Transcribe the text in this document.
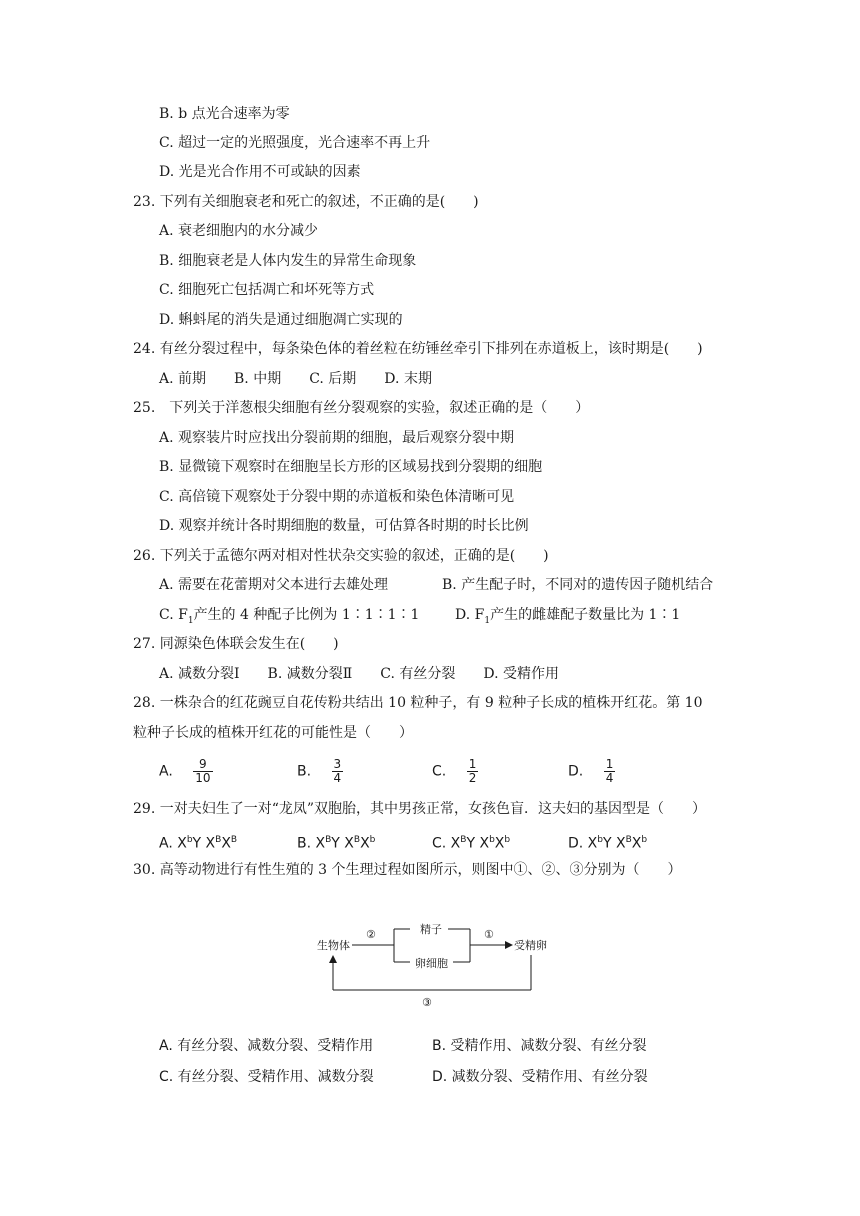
B. b 点光合速率为零
C. 超过一定的光照强度，光合速率不再上升
D. 光是光合作用不可或缺的因素
23. 下列有关细胞衰老和死亡的叙述，不正确的是(　　)
A. 衰老细胞内的水分减少
B. 细胞衰老是人体内发生的异常生命现象
C. 细胞死亡包括凋亡和坏死等方式
D. 蝌蚪尾的消失是通过细胞凋亡实现的
24. 有丝分裂过程中，每条染色体的着丝粒在纺锤丝牵引下排列在赤道板上，该时期是(　　)
A. 前期　　B. 中期　　C. 后期　　D. 末期
25.　下列关于洋葱根尖细胞有丝分裂观察的实验，叙述正确的是（　　）
A. 观察装片时应找出分裂前期的细胞，最后观察分裂中期
B. 显微镜下观察时在细胞呈长方形的区域易找到分裂期的细胞
C. 高倍镜下观察处于分裂中期的赤道板和染色体清晰可见
D. 观察并统计各时期细胞的数量，可估算各时期的时长比例
26. 下列关于孟德尔两对相对性状杂交实验的叙述，正确的是(　　)
A. 需要在花蕾期对父本进行去雄处理	B. 产生配子时，不同对的遗传因子随机结合
C. $F_1$产生的 4 种配子比例为 1∶1∶1∶1	D. $F_1$产生的雌雄配子数量比为 1∶1
27. 同源染色体联会发生在(　　)
A. 减数分裂Ⅰ　　B. 减数分裂Ⅱ　　C. 有丝分裂　　D. 受精作用
28. 一株杂合的红花豌豆自花传粉共结出 10 粒种子，有 9 粒种子长成的植株开红花。第 10
粒种子长成的植株开红花的可能性是（　　）
A. $\frac{9}{10}$	B. $\frac{3}{4}$	C. $\frac{1}{2}$	D. $\frac{1}{4}$
29. 一对夫妇生了一对“龙凤”双胞胎，其中男孩正常，女孩色盲．这夫妇的基因型是（　　）
A. $X^bY$ $X^BX^B$	B. $X^BY$ $X^BX^b$	C. $X^BY$ $X^bX^b$	D. $X^bY$ $X^BX^b$
30. 高等动物进行有性生殖的 3 个生理过程如图所示，则图中①、②、③分别为（　　）
生物体
②	精子
卵细胞
①
受精卵
③
A. 有丝分裂、减数分裂、受精作用	B. 受精作用、减数分裂、有丝分裂
C. 有丝分裂、受精作用、减数分裂	D. 减数分裂、受精作用、有丝分裂
